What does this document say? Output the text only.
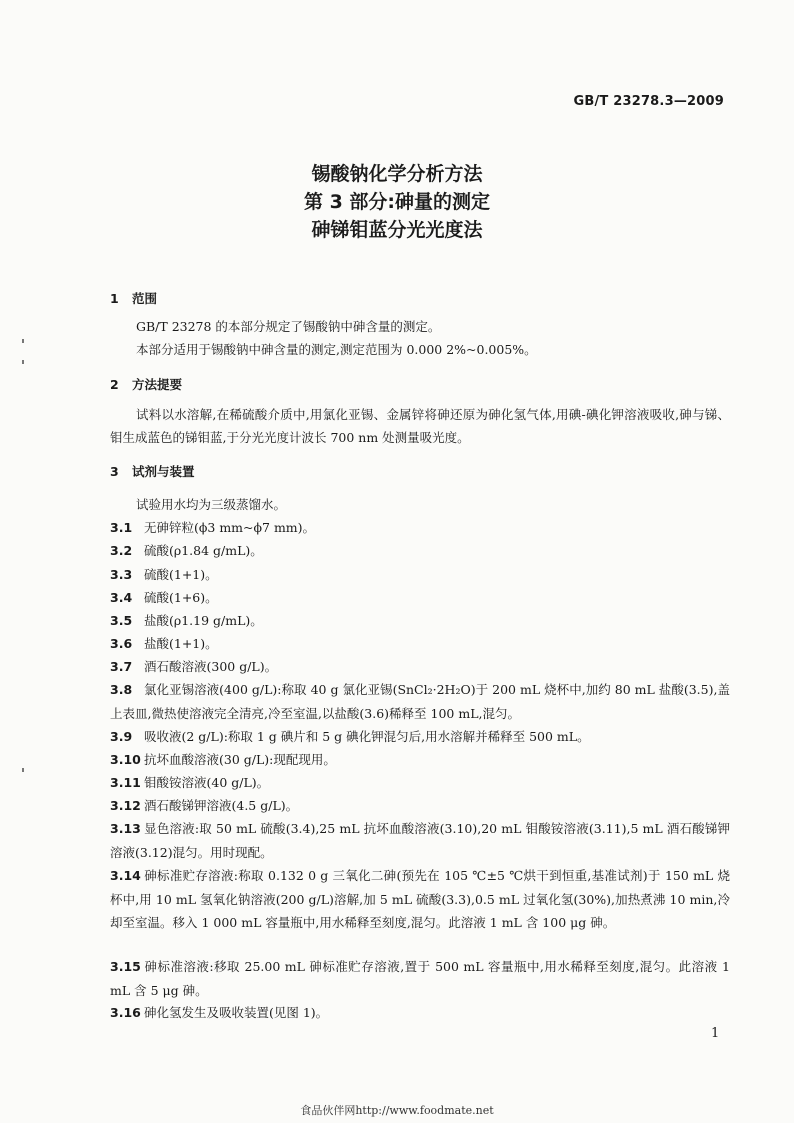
GB/T 23278.3—2009
锡酸钠化学分析方法
第 3 部分:砷量的测定
砷锑钼蓝分光光度法
1 范围
GB/T 23278 的本部分规定了锡酸钠中砷含量的测定。
本部分适用于锡酸钠中砷含量的测定,测定范围为 0.000 2%~0.005%。
2 方法提要
试料以水溶解,在稀硫酸介质中,用氯化亚锡、金属锌将砷还原为砷化氢气体,用碘-碘化钾溶液吸收,砷与锑、钼生成蓝色的锑钼蓝,于分光光度计波长 700 nm 处测量吸光度。
3 试剂与装置
试验用水均为三级蒸馏水。
3.1 无砷锌粒(ϕ3 mm~ϕ7 mm)。
3.2 硫酸(ρ1.84 g/mL)。
3.3 硫酸(1+1)。
3.4 硫酸(1+6)。
3.5 盐酸(ρ1.19 g/mL)。
3.6 盐酸(1+1)。
3.7 酒石酸溶液(300 g/L)。
3.8 氯化亚锡溶液(400 g/L):称取 40 g 氯化亚锡(SnCl₂·2H₂O)于 200 mL 烧杯中,加约 80 mL 盐酸(3.5),盖上表皿,微热使溶液完全清亮,冷至室温,以盐酸(3.6)稀释至 100 mL,混匀。
3.9 吸收液(2 g/L):称取 1 g 碘片和 5 g 碘化钾混匀后,用水溶解并稀释至 500 mL。
3.10 抗坏血酸溶液(30 g/L):现配现用。
3.11 钼酸铵溶液(40 g/L)。
3.12 酒石酸锑钾溶液(4.5 g/L)。
3.13 显色溶液:取 50 mL 硫酸(3.4),25 mL 抗坏血酸溶液(3.10),20 mL 钼酸铵溶液(3.11),5 mL 酒石酸锑钾溶液(3.12)混匀。用时现配。
3.14 砷标准贮存溶液:称取 0.132 0 g 三氧化二砷(预先在 105 ℃±5 ℃烘干到恒重,基准试剂)于 150 mL 烧杯中,用 10 mL 氢氧化钠溶液(200 g/L)溶解,加 5 mL 硫酸(3.3),0.5 mL 过氧化氢(30%),加热煮沸 10 min,冷却至室温。移入 1 000 mL 容量瓶中,用水稀释至刻度,混匀。此溶液 1 mL 含 100 μg 砷。
3.15 砷标准溶液:移取 25.00 mL 砷标准贮存溶液,置于 500 mL 容量瓶中,用水稀释至刻度,混匀。此溶液 1 mL 含 5 μg 砷。
3.16 砷化氢发生及吸收装置(见图 1)。
1
食品伙伴网http://www.foodmate.net
